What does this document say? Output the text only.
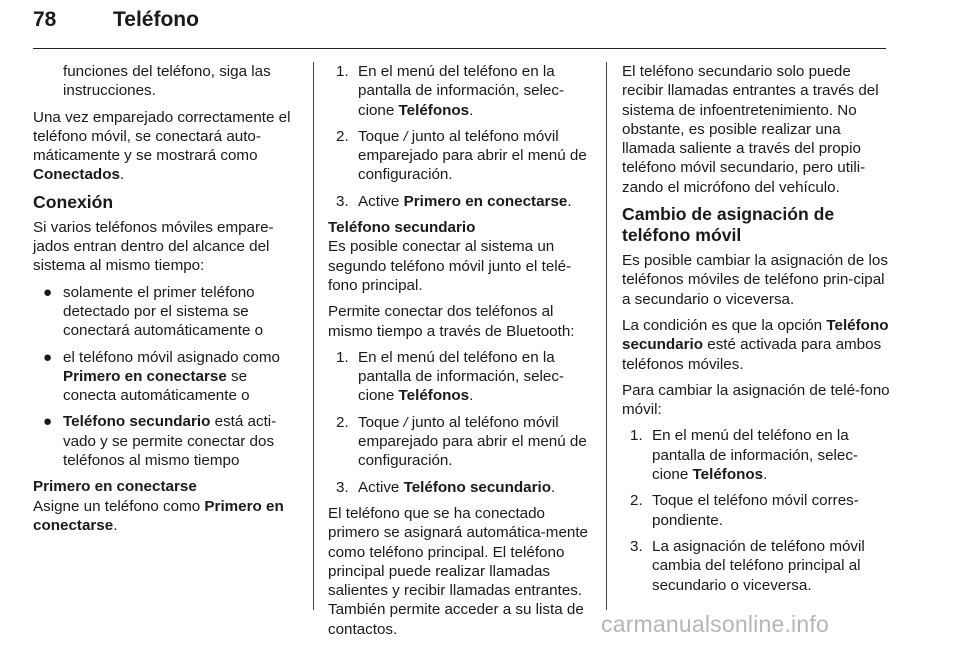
78	Teléfono

funciones del teléfono, siga las instrucciones.

Una vez emparejado correctamente el teléfono móvil, se conectará auto-máticamente y se mostrará como Conectados.

Conexión

Si varios teléfonos móviles empare-jados entran dentro del alcance del sistema al mismo tiempo:

● solamente el primer teléfono detectado por el sistema se conectará automáticamente o
● el teléfono móvil asignado como Primero en conectarse se conecta automáticamente o
● Teléfono secundario está acti-vado y se permite conectar dos teléfonos al mismo tiempo

Primero en conectarse

Asigne un teléfono como Primero en conectarse.

1. En el menú del teléfono en la pantalla de información, selec-cione Teléfonos.
2. Toque / junto al teléfono móvil emparejado para abrir el menú de configuración.
3. Active Primero en conectarse.

Teléfono secundario

Es posible conectar al sistema un segundo teléfono móvil junto el telé-fono principal.

Permite conectar dos teléfonos al mismo tiempo a través de Bluetooth:

1. En el menú del teléfono en la pantalla de información, selec-cione Teléfonos.
2. Toque / junto al teléfono móvil emparejado para abrir el menú de configuración.
3. Active Teléfono secundario.

El teléfono que se ha conectado primero se asignará automática-mente como teléfono principal. El teléfono principal puede realizar llamadas salientes y recibir llamadas entrantes. También permite acceder a su lista de contactos.

El teléfono secundario solo puede recibir llamadas entrantes a través del sistema de infoentretenimiento. No obstante, es posible realizar una llamada saliente a través del propio teléfono móvil secundario, pero utili-zando el micrófono del vehículo.

Cambio de asignación de teléfono móvil

Es posible cambiar la asignación de los teléfonos móviles de teléfono prin-cipal a secundario o viceversa.

La condición es que la opción Teléfono secundario esté activada para ambos teléfonos móviles.

Para cambiar la asignación de telé-fono móvil:

1. En el menú del teléfono en la pantalla de información, selec-cione Teléfonos.
2. Toque el teléfono móvil corres-pondiente.
3. La asignación de teléfono móvil cambia del teléfono principal al secundario o viceversa.
carmanualsonline.info
